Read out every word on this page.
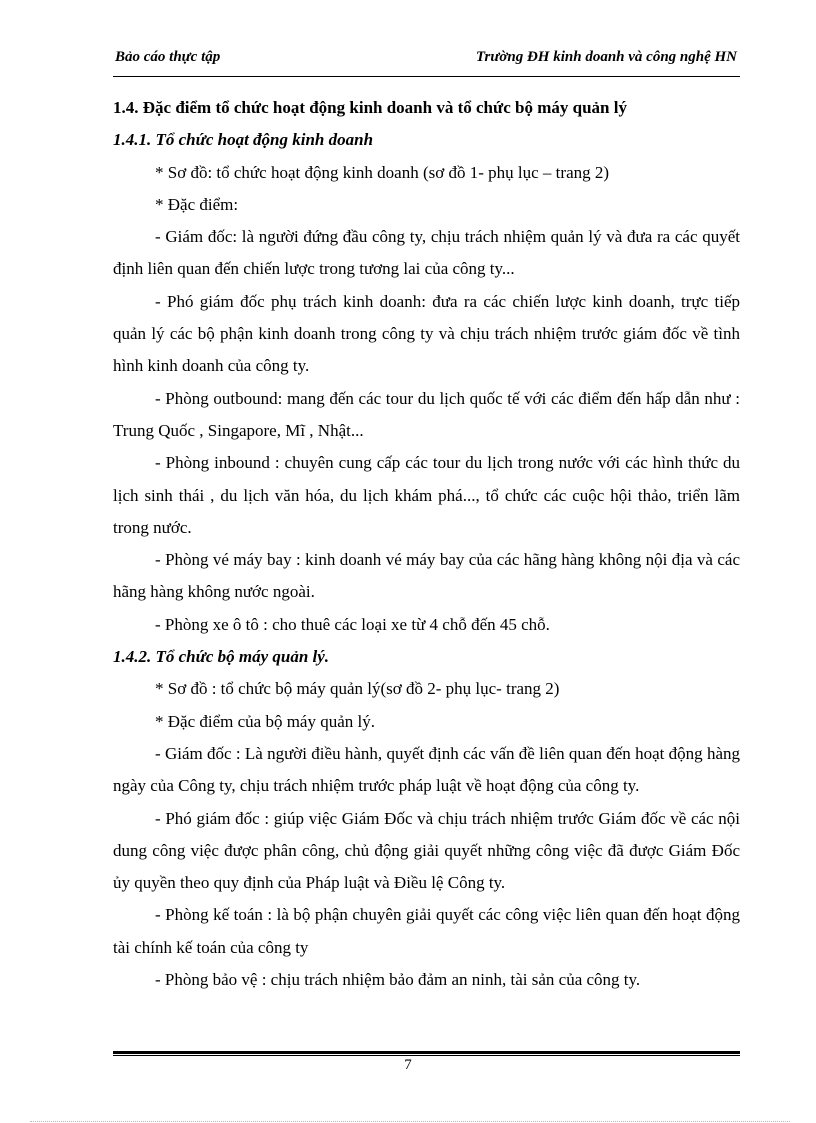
Bảo cáo thực tập	Trường ĐH kinh doanh và công nghệ HN

1.4. Đặc điểm tổ chức hoạt động kinh doanh và tổ chức bộ máy quản lý

1.4.1. Tổ chức hoạt động kinh doanh

* Sơ đồ: tổ chức hoạt động kinh doanh (sơ đồ 1- phụ lục – trang 2)

* Đặc điểm:

- Giám đốc: là người đứng đầu công ty, chịu trách nhiệm quản lý và đưa ra các quyết định liên quan đến chiến lược trong tương lai của công ty...

- Phó giám đốc phụ trách kinh doanh: đưa ra các chiến lược kinh doanh, trực tiếp quản lý các bộ phận kinh doanh trong công ty và chịu trách nhiệm trước giám đốc về tình hình kinh doanh của công ty.

- Phòng outbound: mang đến các tour du lịch quốc tế với các điểm đến hấp dẫn như : Trung Quốc , Singapore, Mĩ , Nhật...

- Phòng inbound : chuyên cung cấp các tour du lịch trong nước với các hình thức du lịch sinh thái , du lịch văn hóa, du lịch khám phá..., tổ chức các cuộc hội thảo, triển lãm trong nước.

- Phòng vé máy bay : kinh doanh vé máy bay của các hãng hàng không nội địa và các hãng hàng không nước ngoài.

- Phòng xe ô tô : cho thuê các loại xe từ 4 chỗ đến 45 chỗ.

1.4.2. Tổ chức bộ máy quản lý.

* Sơ đồ : tổ chức bộ máy quản lý(sơ đồ 2- phụ lục- trang 2)

* Đặc điểm của bộ máy quản lý.

- Giám đốc : Là người điều hành, quyết định các vấn đề liên quan đến hoạt động hàng ngày của Công ty, chịu trách nhiệm trước pháp luật về hoạt động của công ty.

- Phó giám đốc : giúp việc Giám Đốc và chịu trách nhiệm trước Giám đốc về các nội dung công việc được phân công, chủ động giải quyết những công việc đã được Giám Đốc ủy quyền theo quy định của Pháp luật và Điều lệ Công ty.

- Phòng kế toán : là bộ phận chuyên giải quyết các công việc liên quan đến hoạt động tài chính kế toán của công ty

- Phòng bảo vệ : chịu trách nhiệm bảo đảm an ninh, tài sản của công ty.

7
